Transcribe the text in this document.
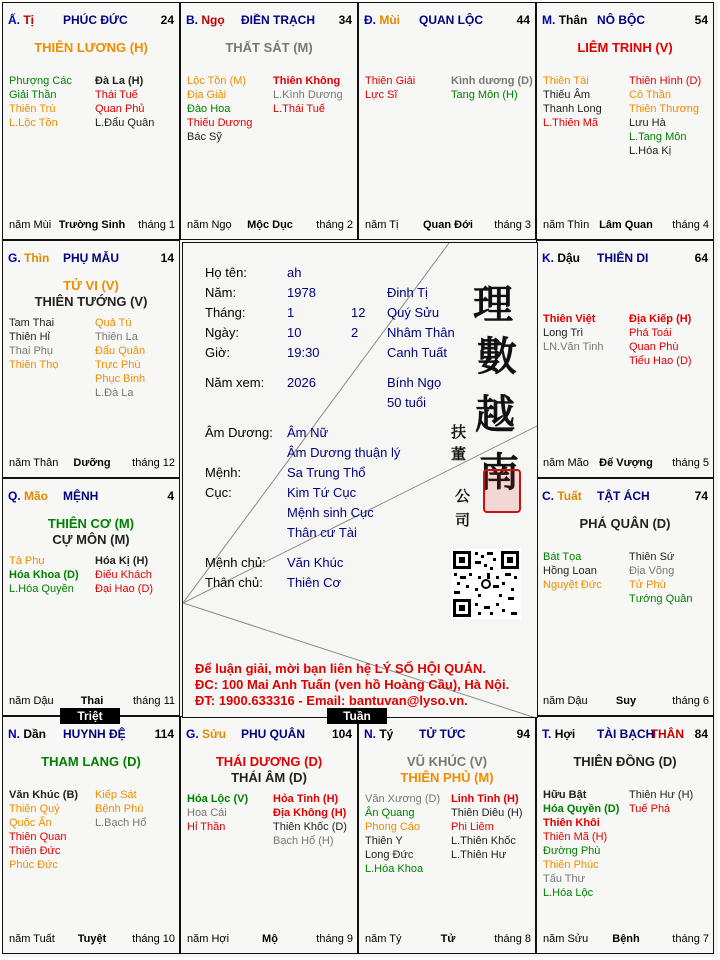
Ấ. Tị PHÚC ĐỨC	24
THIÊN LƯƠNG (H)
Phượng Các
Giải Thần
Thiên Trù
L.Lộc Tồn
Đà La (H)
Thái Tuế
Quan Phủ
L.Đẩu Quân
năm Mùi Trường Sinh	tháng 1
B. Ngọ ĐIỀN TRẠCH 34
THẤT SÁT (M)
Lộc Tồn (M)
Địa Giải
Đào Hoa
Thiếu Dương
Bác Sỹ
Thiên Không
L.Kình Dương
L.Thái Tuế
năm Ngọ	Mộc Dục	tháng 2
Đ. Mùi QUAN LỘC	44
Thiên Giải
Lực Sĩ
Kình dương (D)
Tang Môn (H)
năm Tị	Quan Đới	tháng 3
M. Thân NÔ BỘC	54
LIÊM TRINH (V)
Thiên Tài
Thiếu Âm
Thanh Long
L.Thiên Mã
Thiên Hình (D)
Cô Thần
Thiên Thương
Lưu Hà
L.Tang Môn
L.Hóa Kị
năm Thìn Lâm Quan	tháng 4
K. Dậu THIÊN DI	64
Thiên Việt
Long Trì
LN.Văn Tinh
Địa Kiếp (H)
Phá Toái
Quan Phù
Tiểu Hao (D)
năm Mão Đế Vượng	tháng 5
C. Tuất TẬT ÁCH	74
PHÁ QUÂN (D)
Bát Tọa
Hồng Loan
Nguyệt Đức
Thiên Sứ
Địa Võng
Tử Phù
Tướng Quân
năm Dậu	Suy	tháng 6
T. Hợi TÀI BẠCH
THÂN 84
THIÊN ĐỒNG (D)
Hữu Bật
Hóa Quyền (D)
Thiên Khôi
Thiên Mã (H)
Đường Phù
Thiên Phúc
Tấu Thư
L.Hóa Lộc
Thiên Hư (H)
Tuế Phá
năm Sửu	Bệnh	tháng 7
N. Tý TỬ TỨC	94
VŨ KHÚC (V)
THIÊN PHỦ (M)
Văn Xương (D)
Ân Quang
Phong Cáo
Thiên Y
Long Đức
L.Hóa Khoa
Linh Tinh (H)
Thiên Diêu (H)
Phi Liêm
L.Thiên Khốc
L.Thiên Hư
năm Tý	Tử	tháng 8
G. Sửu PHU QUÂN 104
THÁI DƯƠNG (D)
THÁI ÂM (D)
Hóa Lộc (V)
Hoa Cái
Hỉ Thần
Hỏa Tinh (H)
Địa Không (H)
Thiên Khốc (D)
Bạch Hổ (H)
năm Hợi	Mộ	tháng 9
N. Dần HUYNH ĐỆ 114
THAM LANG (D)
Văn Khúc (B)
Thiên Quý
Quốc Ấn
Thiên Quan
Thiên Đức
Phúc Đức
Kiếp Sát
Bệnh Phù
L.Bạch Hổ
năm Tuất	Tuyệt	tháng 10
Q. Mão MỆNH	4
THIÊN CƠ (M)
CỰ MÔN (M)
Tả Phụ
Hóa Khoa (D)
L.Hóa Quyền
Hóa Kị (H)
Điếu Khách
Đại Hao (D)
năm Dậu	Thai	tháng 11
G. Thìn PHỤ MẪU	14
TỬ VI (V)
THIÊN TƯỚNG (V)
Tam Thai
Thiên Hỉ
Thai Phụ
Thiên Thọ
Quả Tú
Thiên La
Đẩu Quân
Trực Phù
Phục Binh
L.Đà La
năm Thân	Dưỡng	tháng 12
Họ tên:	ah
Năm:	1978	Đinh Tị
Tháng:	1	12 Quý Sửu
Ngày:	10	2 Nhâm Thân
Giờ:	19:30	Canh Tuất
Năm xem: 2026	Bính Ngọ
50 tuổi
Âm Dương: Âm Nữ
Âm Dương thuận lý
Mệnh:	Sa Trung Thổ
Cục:	Kim Tứ Cục
Mệnh sinh Cục
Thân cư Tài
Mệnh chủ: Văn Khúc
Thân chủ: Thiên Cơ
理
數
越
南
扶
董
公
司
Để luận giải, mời bạn liên hệ LÝ SỐ HỘI QUÁN.
ĐC: 100 Mai Anh Tuấn (ven hồ Hoàng Cầu), Hà Nội.
ĐT: 1900.633316 - Email: bantuvan@lyso.vn.
Triệt	Tuần
